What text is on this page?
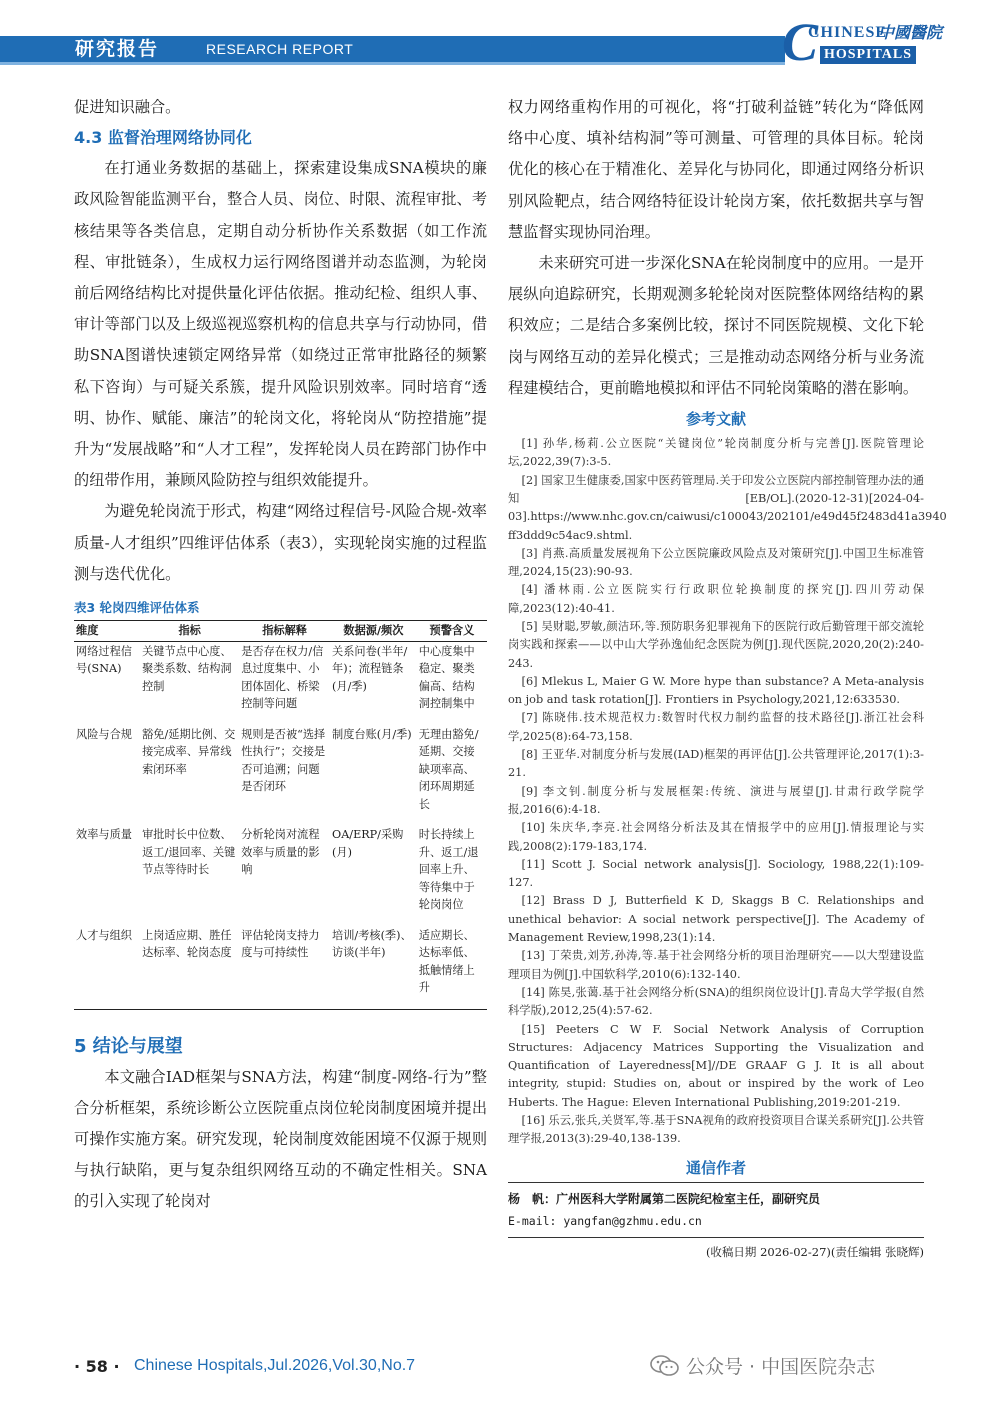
研究报告	RESEARCH REPORT	C
CHINESE
中國醫院
HOSPITALS

促进知识融合。

4.3 监督治理网络协同化

在打通业务数据的基础上，探索建设集成SNA模块的廉政风险智能监测平台，整合人员、岗位、时限、流程审批、考核结果等各类信息，定期自动分析协作关系数据（如工作流程、审批链条），生成权力运行网络图谱并动态监测，为轮岗前后网络结构比对提供量化评估依据。推动纪检、组织人事、审计等部门以及上级巡视巡察机构的信息共享与行动协同，借助SNA图谱快速锁定网络异常（如绕过正常审批路径的频繁私下咨询）与可疑关系簇，提升风险识别效率。同时培育“透明、协作、赋能、廉洁”的轮岗文化，将轮岗从“防控措施”提升为“发展战略”和“人才工程”，发挥轮岗人员在跨部门协作中的纽带作用，兼顾风险防控与组织效能提升。

为避免轮岗流于形式，构建“网络过程信号-风险合规-效率质量-人才组织”四维评估体系（表3），实现轮岗实施的过程监测与迭代优化。

表3 轮岗四维评估体系
维度	指标	指标解释	数据源/频次	预警含义
网络过程信号(SNA)	关键节点中心度、聚类系数、结构洞控制	是否存在权力/信息过度集中、小团体固化、桥梁控制等问题	关系问卷(半年/年)；流程链条(月/季)	中心度集中稳定、聚类偏高、结构洞控制集中
风险与合规	豁免/延期比例、交接完成率、异常线索闭环率	规则是否被“选择性执行”；交接是否可追溯；问题是否闭环	制度台账(月/季)	无理由豁免/延期、交接缺项率高、闭环周期延长
效率与质量	审批时长中位数、返工/退回率、关键节点等待时长	分析轮岗对流程效率与质量的影响	OA/ERP/采购(月)	时长持续上升、返工/退回率上升、等待集中于轮岗岗位
人才与组织	上岗适应期、胜任达标率、轮岗态度	评估轮岗支持力度与可持续性	培训/考核(季)、访谈(半年)	适应期长、达标率低、抵触情绪上升
5 结论与展望

本文融合IAD框架与SNA方法，构建“制度-网络-行为”整合分析框架，系统诊断公立医院重点岗位轮岗制度困境并提出可操作实施方案。研究发现，轮岗制度效能困境不仅源于规则与执行缺陷，更与复杂组织网络互动的不确定性相关。SNA的引入实现了轮岗对

权力网络重构作用的可视化，将“打破利益链”转化为“降低网络中心度、填补结构洞”等可测量、可管理的具体目标。轮岗优化的核心在于精准化、差异化与协同化，即通过网络分析识别风险靶点，结合网络特征设计轮岗方案，依托数据共享与智慧监督实现协同治理。

未来研究可进一步深化SNA在轮岗制度中的应用。一是开展纵向追踪研究，长期观测多轮轮岗对医院整体网络结构的累积效应；二是结合多案例比较，探讨不同医院规模、文化下轮岗与网络互动的差异化模式；三是推动动态网络分析与业务流程建模结合，更前瞻地模拟和评估不同轮岗策略的潜在影响。

参考文献
[1] 孙华,杨莉.公立医院“关键岗位”轮岗制度分析与完善[J].医院管理论坛,2022,39(7):3-5.
[2] 国家卫生健康委,国家中医药管理局.关于印发公立医院内部控制管理办法的通知[EB/OL].(2020-12-31)[2024-04-03].https://www.nhc.gov.cn/caiwusi/c100043/202101/e49d45f2483d41a3940 ff3ddd9c54ac9.shtml.
[3] 肖燕.高质量发展视角下公立医院廉政风险点及对策研究[J].中国卫生标准管理,2024,15(23):90-93.
[4] 潘林雨.公立医院实行行政职位轮换制度的探究[J].四川劳动保障,2023(12):40-41.
[5] 吴财聪,罗敏,颜洁环,等.预防职务犯罪视角下的医院行政后勤管理干部交流轮岗实践和探索——以中山大学孙逸仙纪念医院为例[J].现代医院,2020,20(2):240-243.
[6] Mlekus L, Maier G W. More hype than substance? A Meta-analysis on job and task rotation[J]. Frontiers in Psychology,2021,12:633530.
[7] 陈晓伟.技术规范权力:数智时代权力制约监督的技术路径[J].浙江社会科学,2025(8):64-73,158.
[8] 王亚华.对制度分析与发展(IAD)框架的再评估[J].公共管理评论,2017(1):3-21.
[9] 李文钊.制度分析与发展框架:传统、演进与展望[J].甘肃行政学院学报,2016(6):4-18.
[10] 朱庆华,李亮.社会网络分析法及其在情报学中的应用[J].情报理论与实践,2008(2):179-183,174.
[11] Scott J. Social network analysis[J]. Sociology, 1988,22(1):109-127.
[12] Brass D J, Butterfield K D, Skaggs B C. Relationships and unethical behavior: A social network perspective[J]. The Academy of Management Review,1998,23(1):14.
[13] 丁荣贵,刘芳,孙涛,等.基于社会网络分析的项目治理研究——以大型建设监理项目为例[J].中国软科学,2010(6):132-140.
[14] 陈昊,张蔼.基于社会网络分析(SNA)的组织岗位设计[J].青岛大学学报(自然科学版),2012,25(4):57-62.
[15] Peeters C W F. Social Network Analysis of Corruption Structures: Adjacency Matrices Supporting the Visualization and Quantification of Layeredness[M]//DE GRAAF G J. It is all about integrity, stupid: Studies on, about or inspired by the work of Leo Huberts. The Hague: Eleven International Publishing,2019:201-219.
[16] 乐云,张兵,关贤军,等.基于SNA视角的政府投资项目合谋关系研究[J].公共管理学报,2013(3):29-40,138-139.
通信作者

杨　帆：广州医科大学附属第二医院纪检室主任，副研究员

E-mail: yangfan@gzhmu.edu.cn

(收稿日期 2026-02-27)(责任编辑 张晓辉)
· 58 · Chinese Hospitals,Jul.2026,Vol.30,No.7	公众号 · 中国医院杂志
